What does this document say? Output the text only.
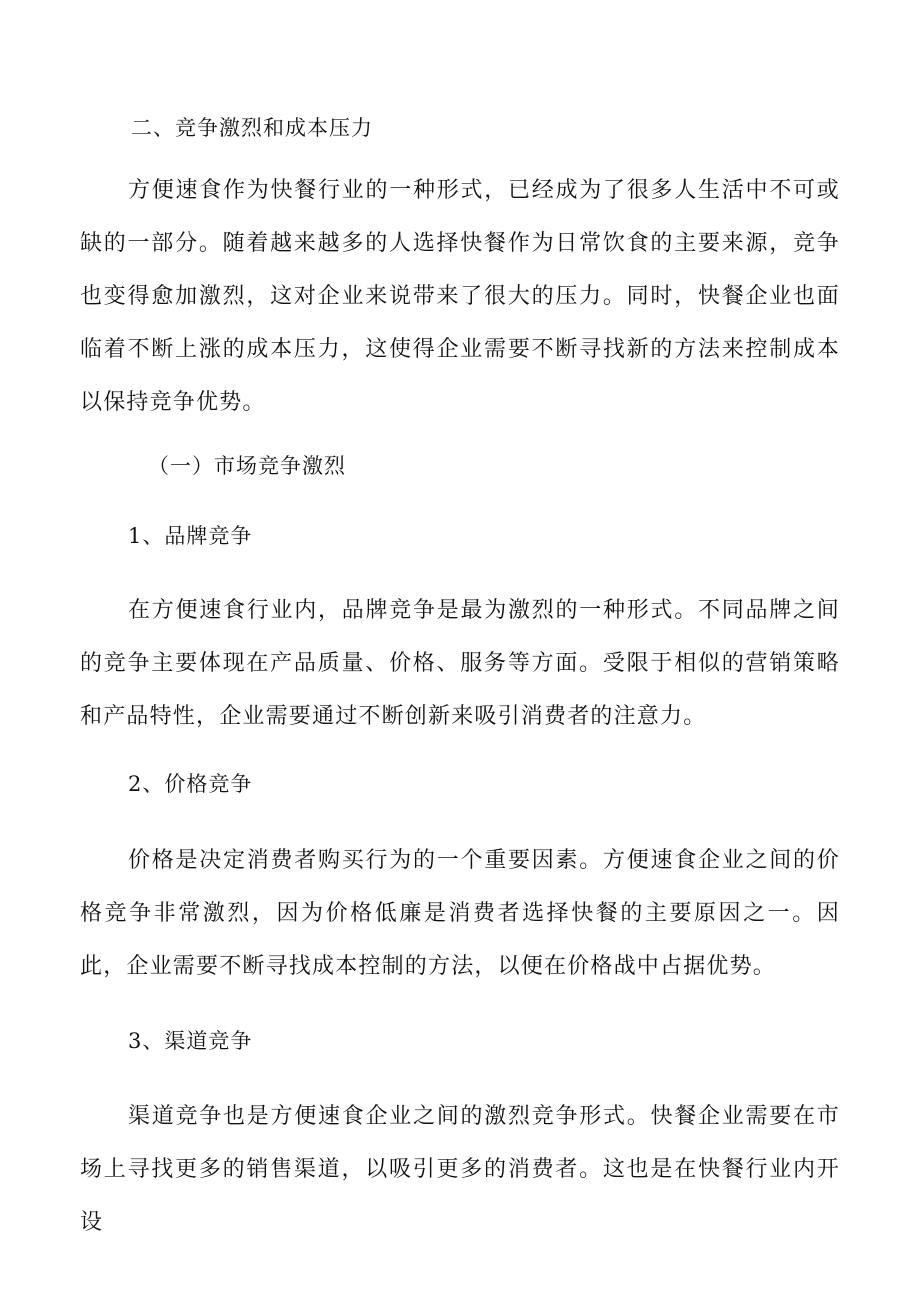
二、竞争激烈和成本压力

方便速食作为快餐行业的一种形式，已经成为了很多人生活中不可或缺的一部分。随着越来越多的人选择快餐作为日常饮食的主要来源，竞争也变得愈加激烈，这对企业来说带来了很大的压力。同时，快餐企业也面临着不断上涨的成本压力，这使得企业需要不断寻找新的方法来控制成本以保持竞争优势。

（一）市场竞争激烈
1、品牌竞争

在方便速食行业内，品牌竞争是最为激烈的一种形式。不同品牌之间的竞争主要体现在产品质量、价格、服务等方面。受限于相似的营销策略和产品特性，企业需要通过不断创新来吸引消费者的注意力。

2、价格竞争

价格是决定消费者购买行为的一个重要因素。方便速食企业之间的价格竞争非常激烈，因为价格低廉是消费者选择快餐的主要原因之一。因此，企业需要不断寻找成本控制的方法，以便在价格战中占据优势。

3、渠道竞争

渠道竞争也是方便速食企业之间的激烈竞争形式。快餐企业需要在市场上寻找更多的销售渠道，以吸引更多的消费者。这也是在快餐行业内开设
